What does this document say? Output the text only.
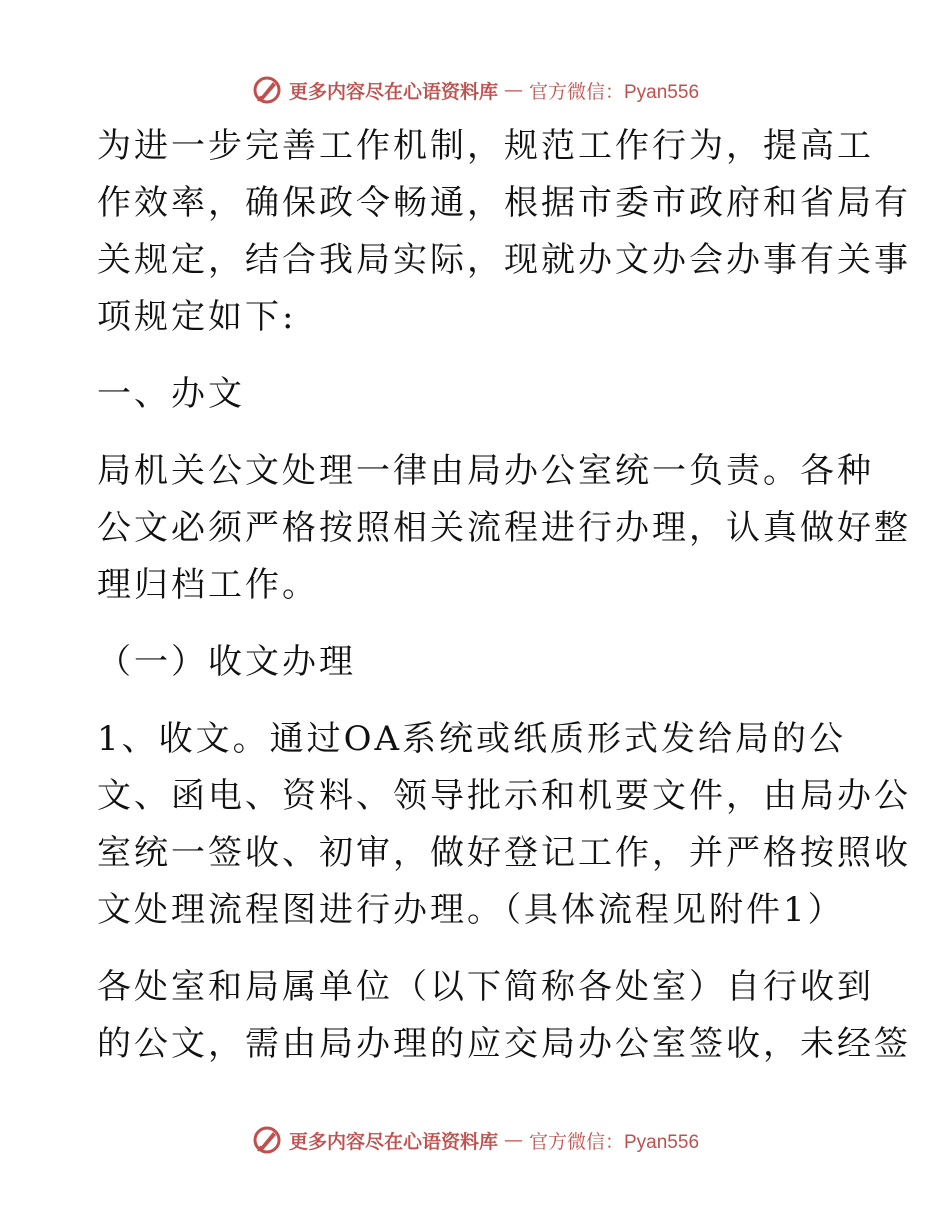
更多内容尽在心语资料库 — 官方微信：Pyan556
为进一步完善工作机制，规范工作行为，提高工
作效率，确保政令畅通，根据市委市政府和省局有
关规定，结合我局实际，现就办文办会办事有关事
项规定如下:
一、办文
局机关公文处理一律由局办公室统一负责。各种
公文必须严格按照相关流程进行办理，认真做好整
理归档工作。
（一）收文办理
1、收文。通过OA系统或纸质形式发给局的公
文、函电、资料、领导批示和机要文件，由局办公
室统一签收、初审，做好登记工作，并严格按照收
文处理流程图进行办理。（具体流程见附件1）
各处室和局属单位（以下简称各处室）自行收到
的公文，需由局办理的应交局办公室签收，未经签
更多内容尽在心语资料库 — 官方微信：Pyan556
